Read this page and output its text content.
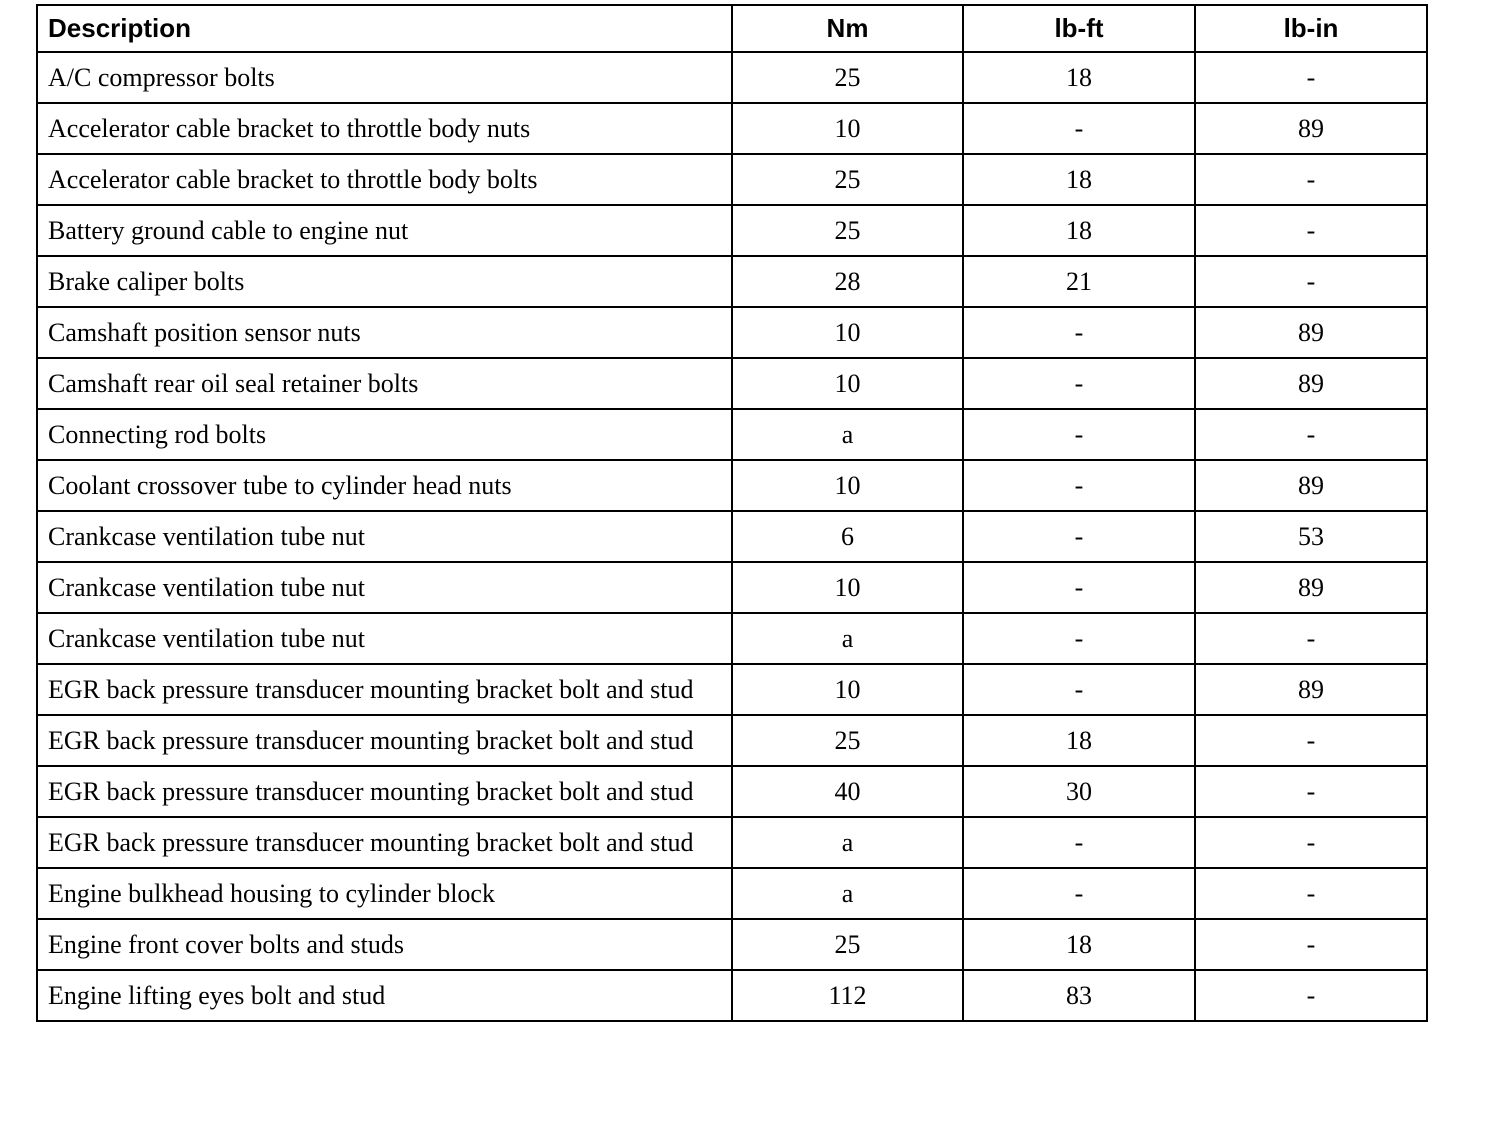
Description	Nm	lb-ft	lb-in
A/C compressor bolts	25	18	-
Accelerator cable bracket to throttle body nuts	10	-	89
Accelerator cable bracket to throttle body bolts	25	18	-
Battery ground cable to engine nut	25	18	-
Brake caliper bolts	28	21	-
Camshaft position sensor nuts	10	-	89
Camshaft rear oil seal retainer bolts	10	-	89
Connecting rod bolts	a	-	-
Coolant crossover tube to cylinder head nuts	10	-	89
Crankcase ventilation tube nut	6	-	53
Crankcase ventilation tube nut	10	-	89
Crankcase ventilation tube nut	a	-	-
EGR back pressure transducer mounting bracket bolt and stud	10	-	89
EGR back pressure transducer mounting bracket bolt and stud	25	18	-
EGR back pressure transducer mounting bracket bolt and stud	40	30	-
EGR back pressure transducer mounting bracket bolt and stud	a	-	-
Engine bulkhead housing to cylinder block	a	-	-
Engine front cover bolts and studs	25	18	-
Engine lifting eyes bolt and stud	112	83	-
